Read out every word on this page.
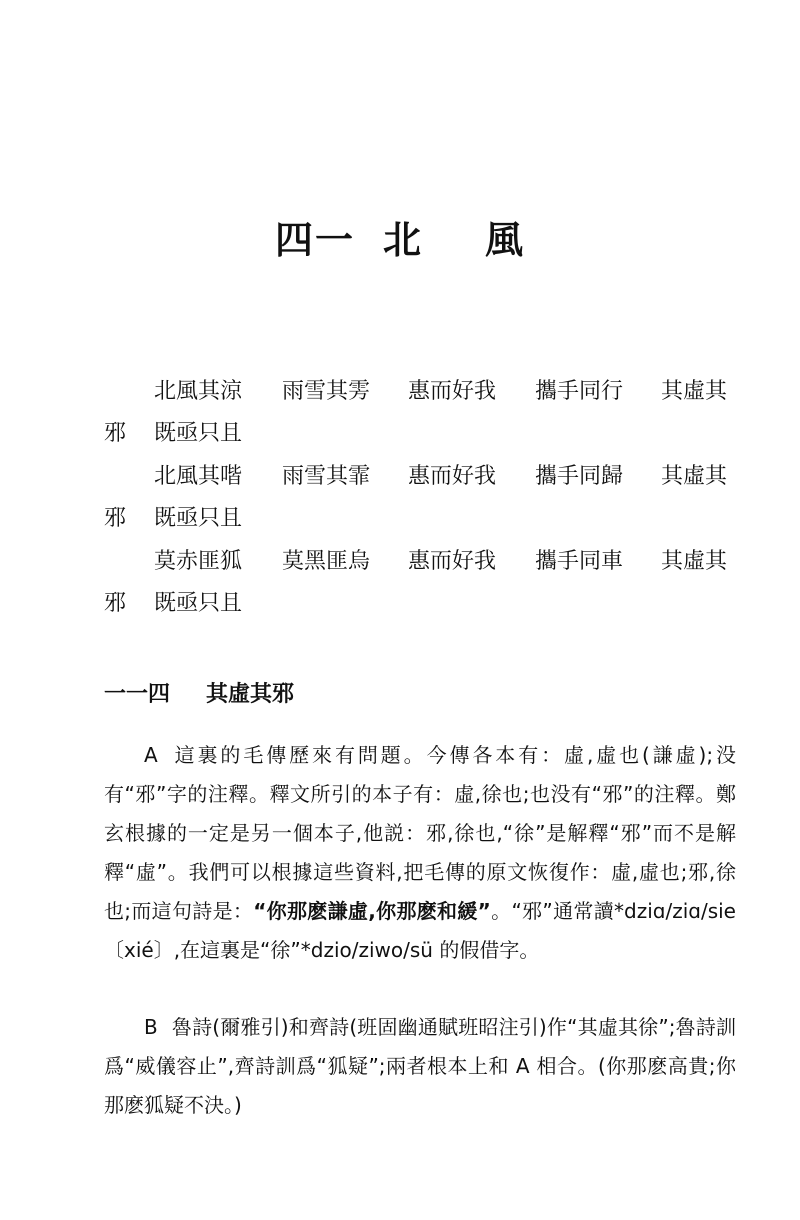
四一 北 風
北風其涼 雨雪其雱 惠而好我 攜手同行 其虛其
邪 既亟只且
北風其喈 雨雪其霏 惠而好我 攜手同歸 其虛其
邪 既亟只且
莫赤匪狐 莫黑匪烏 惠而好我 攜手同車 其虛其
邪 既亟只且
一一四 其虛其邪
A 這裏的毛傳歷來有問題。今傳各本有：虛,虛也(謙虛);没有“邪”字的注釋。釋文所引的本子有：虛,徐也;也没有“邪”的注釋。鄭玄根據的一定是另一個本子,他説：邪,徐也,“徐”是解釋“邪”而不是解釋“虛”。我們可以根據這些資料,把毛傳的原文恢復作：虛,虛也;邪,徐也;而這句詩是：“你那麽謙虛,你那麽和緩”。“邪”通常讀*dziɑ/ziɑ/sie〔xié〕,在這裏是“徐”*dzio/ziwo/sü 的假借字。
B 魯詩(爾雅引)和齊詩(班固幽通賦班昭注引)作“其虛其徐”;魯詩訓爲“威儀容止”,齊詩訓爲“狐疑”;兩者根本上和 A 相合。(你那麽高貴;你那麽狐疑不決。)
